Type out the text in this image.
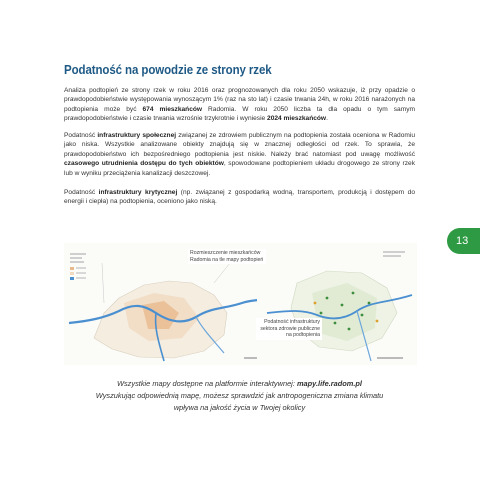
Podatność na powodzie ze strony rzek

Analiza podtopień ze strony rzek w roku 2016 oraz prognozowanych dla roku 2050 wskazuje, iż przy opadzie o prawdopodobieństwie występowania wynoszącym 1% (raz na sto lat) i czasie trwania 24h, w roku 2016 narażonych na podtopienia może być 674 mieszkańców Radomia. W roku 2050 liczba ta dla opadu o tym samym prawdopodobieństwie i czasie trwania wzrośnie trzykrotnie i wyniesie 2024 mieszkańców.

Podatność infrastruktury społecznej związanej ze zdrowiem publicznym na podtopienia została oceniona w Radomiu jako niska. Wszystkie analizowane obiekty znajdują się w znacznej odległości od rzek. To sprawia, że prawdopodobieństwo ich bezpośredniego podtopienia jest niskie. Należy brać natomiast pod uwagę możliwość czasowego utrudnienia dostępu do tych obiektów, spowodowane podtopieniem układu drogowego ze strony rzek lub w wyniku przeciążenia kanalizacji deszczowej.

Podatność infrastruktury krytycznej (np. związanej z gospodarką wodną, transportem, produkcją i dostępem do energii i ciepła) na podtopienia, oceniono jako niską.

13
Rozmieszczenie mieszkańców Radomia na tle mapy podtopień
Podatność infrastruktury sektora zdrowie publiczne na podtopienia
Wszystkie mapy dostępne na platformie interaktywnej: mapy.life.radom.pl
Wyszukując odpowiednią mapę, możesz sprawdzić jak antropogeniczna zmiana klimatu
wpływa na jakość życia w Twojej okolicy
